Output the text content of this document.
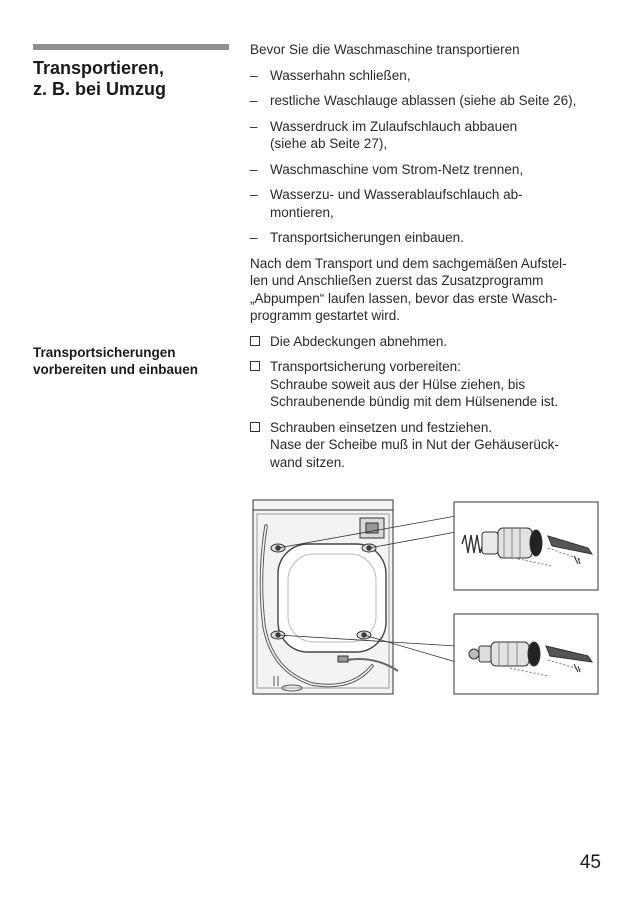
Transportieren,
z. B. bei Umzug
Transportsicherungen
vorbereiten und einbauen

Bevor Sie die Waschmaschine transportieren

– Wasserhahn schließen,
– restliche Waschlauge ablassen (siehe ab Seite 26),
– Wasserdruck im Zulaufschlauch abbauen
(siehe ab Seite 27),
– Waschmaschine vom Strom-Netz trennen,
– Wasserzu- und Wasserablaufschlauch ab-
montieren,
– Transportsicherungen einbauen.

Nach dem Transport und dem sachgemäßen Aufstel-
len und Anschließen zuerst das Zusatzprogramm
„Abpumpen“ laufen lassen, bevor das erste Wasch-
programm gestartet wird.

Die Abdeckungen abnehmen.
Transportsicherung vorbereiten:
Schraube soweit aus der Hülse ziehen, bis
Schraubenende bündig mit dem Hülsenende ist.
Schrauben einsetzen und festziehen.
Nase der Scheibe muß in Nut der Gehäuserück-
wand sitzen.
45
